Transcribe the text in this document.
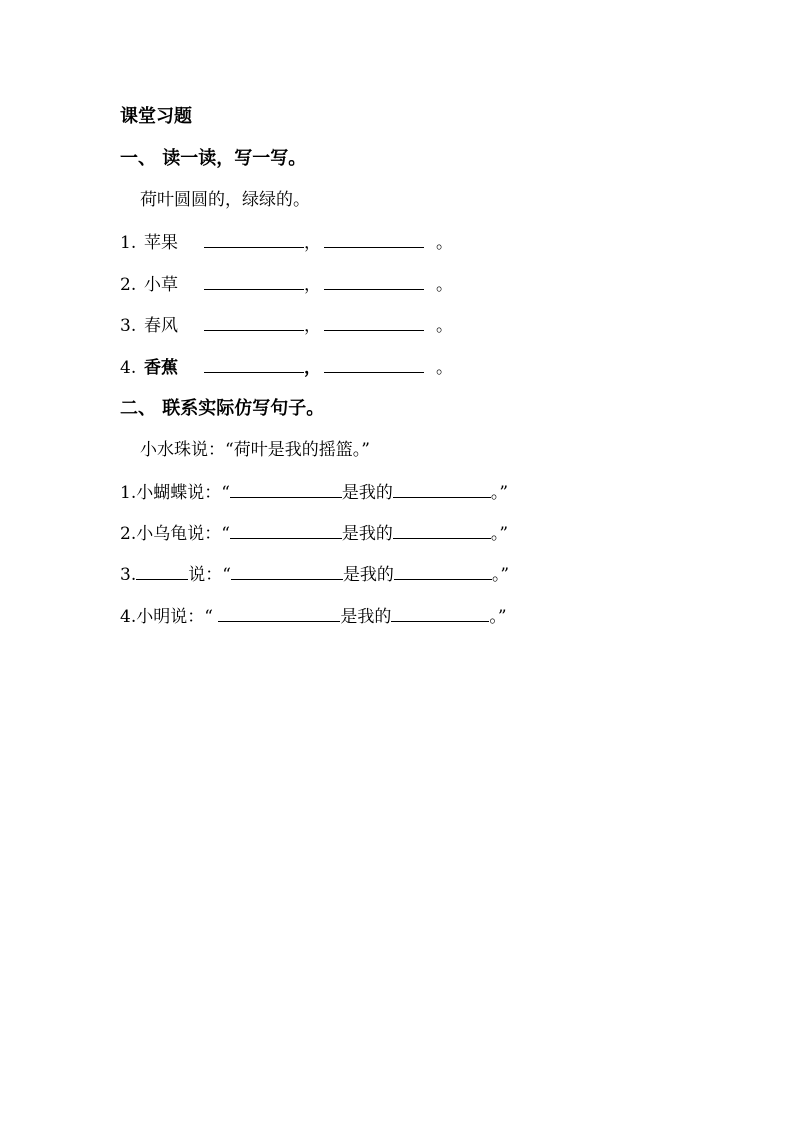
课堂习题
一、 读一读，写一写。
荷叶圆圆的，绿绿的。
1. 苹果	，	。
2. 小草	，	。
3. 春风	，	。
4. 香蕉	，	。
二、 联系实际仿写句子。
小水珠说：“荷叶是我的摇篮。”
1.小蝴蝶说：“	是我的	。”
2.小乌龟说：“	是我的	。”
3.	说：“	是我的	。”
4.小明说：“	是我的	。”
